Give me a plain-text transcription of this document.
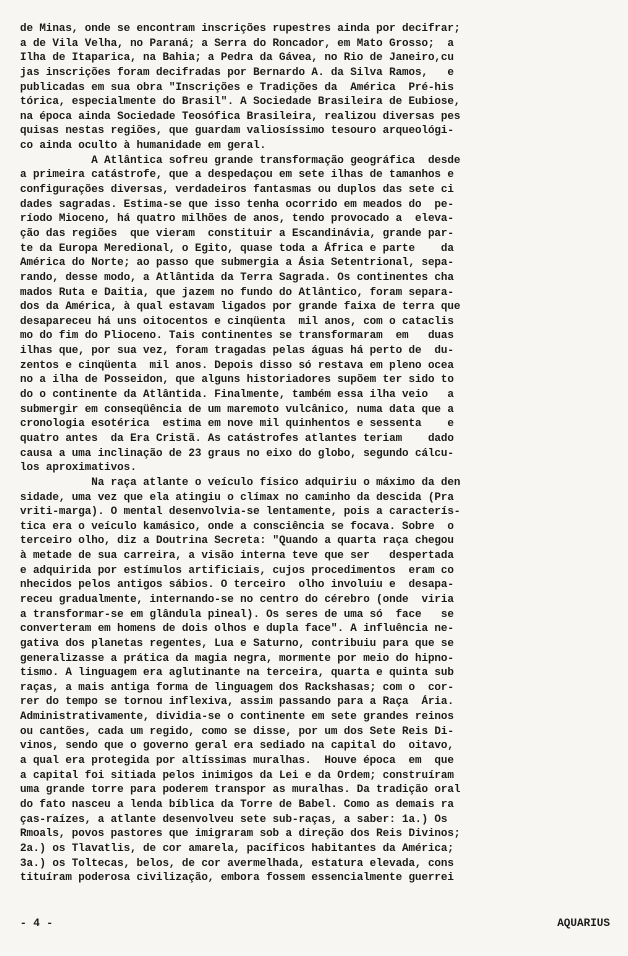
de Minas, onde se encontram inscrições rupestres ainda por decifrar;
a de Vila Velha, no Paraná; a Serra do Roncador, em Mato Grosso;  a
Ilha de Itaparica, na Bahia; a Pedra da Gávea, no Rio de Janeiro,cu
jas inscrições foram decifradas por Bernardo A. da Silva Ramos,   e
publicadas em sua obra "Inscrições e Tradições da  América  Pré-his
tórica, especialmente do Brasil". A Sociedade Brasileira de Eubiose,
na época ainda Sociedade Teosófica Brasileira, realizou diversas pes
quisas nestas regiões, que guardam valiosíssimo tesouro arqueológi-
co ainda oculto à humanidade em geral.
A Atlântica sofreu grande transformação geográfica  desde
a primeira catástrofe, que a despedaçou em sete ilhas de tamanhos e
configurações diversas, verdadeiros fantasmas ou duplos das sete ci
dades sagradas. Estima-se que isso tenha ocorrido em meados do  pe-
ríodo Mioceno, há quatro milhões de anos, tendo provocado a  eleva-
ção das regiões  que vieram  constituir a Escandinávia, grande par-
te da Europa Meredional, o Egito, quase toda a África e parte    da
América do Norte; ao passo que submergia a Ásia Setentrional, sepa-
rando, desse modo, a Atlântida da Terra Sagrada. Os continentes cha
mados Ruta e Daitia, que jazem no fundo do Atlântico, foram separa-
dos da América, à qual estavam ligados por grande faixa de terra que
desapareceu há uns oitocentos e cinqüenta  mil anos, com o cataclis
mo do fim do Plioceno. Tais continentes se transformaram  em   duas
ilhas que, por sua vez, foram tragadas pelas águas há perto de  du-
zentos e cinqüenta  mil anos. Depois disso só restava em pleno ocea
no a ilha de Posseidon, que alguns historiadores supõem ter sido to
do o continente da Atlântida. Finalmente, também essa ilha veio   a
submergir em conseqüência de um maremoto vulcânico, numa data que a
cronologia esotérica  estima em nove mil quinhentos e sessenta    e
quatro antes  da Era Cristã. As catástrofes atlantes teriam    dado
causa a uma inclinação de 23 graus no eixo do globo, segundo cálcu-
los aproximativos.
Na raça atlante o veículo físico adquiriu o máximo da den
sidade, uma vez que ela atingiu o clímax no caminho da descida (Pra
vriti-marga). O mental desenvolvia-se lentamente, pois a caracterís-
tica era o veículo kamásico, onde a consciência se focava. Sobre  o
terceiro olho, diz a Doutrina Secreta: "Quando a quarta raça chegou
à metade de sua carreira, a visão interna teve que ser   despertada
e adquirida por estímulos artificiais, cujos procedimentos  eram co
nhecidos pelos antigos sábios. O terceiro  olho involuiu e  desapa-
receu gradualmente, internando-se no centro do cérebro (onde  viria
a transformar-se em glândula pineal). Os seres de uma só  face   se
converteram em homens de dois olhos e dupla face". A influência ne-
gativa dos planetas regentes, Lua e Saturno, contribuiu para que se
generalizasse a prática da magia negra, mormente por meio do hipno-
tismo. A linguagem era aglutinante na terceira, quarta e quinta sub
raças, a mais antiga forma de linguagem dos Rackshasas; com o  cor-
rer do tempo se tornou inflexiva, assim passando para a Raça  Ária.
Administrativamente, dividia-se o continente em sete grandes reinos
ou cantões, cada um regido, como se disse, por um dos Sete Reis Di-
vinos, sendo que o governo geral era sediado na capital do  oitavo,
a qual era protegida por altíssimas muralhas.  Houve época  em  que
a capital foi sitiada pelos inimigos da Lei e da Ordem; construíram
uma grande torre para poderem transpor as muralhas. Da tradição oral
do fato nasceu a lenda bíblica da Torre de Babel. Como as demais ra
ças-raízes, a atlante desenvolveu sete sub-raças, a saber: 1a.) Os
Rmoals, povos pastores que imigraram sob a direção dos Reis Divinos;
2a.) os Tlavatlis, de cor amarela, pacíficos habitantes da América;
3a.) os Toltecas, belos, de cor avermelhada, estatura elevada, cons
tituíram poderosa civilização, embora fossem essencialmente guerrei
- 4 -	AQUARIUS
